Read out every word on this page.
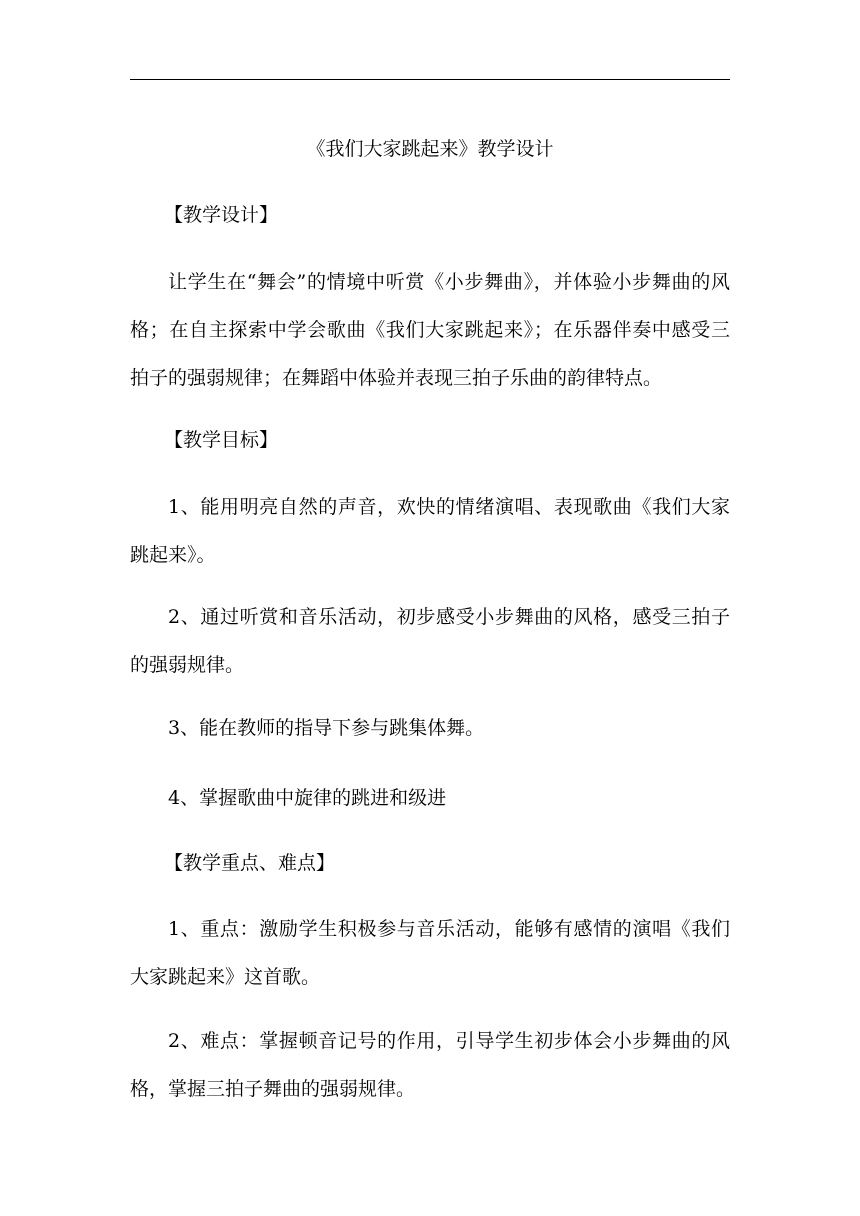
《我们大家跳起来》教学设计
【教学设计】
让学生在“舞会”的情境中听赏《小步舞曲》，并体验小步舞曲的风
格；在自主探索中学会歌曲《我们大家跳起来》；在乐器伴奏中感受三
拍子的强弱规律；在舞蹈中体验并表现三拍子乐曲的韵律特点。
【教学目标】
1、能用明亮自然的声音，欢快的情绪演唱、表现歌曲《我们大家
跳起来》。
2、通过听赏和音乐活动，初步感受小步舞曲的风格，感受三拍子
的强弱规律。
3、能在教师的指导下参与跳集体舞。
4、掌握歌曲中旋律的跳进和级进
【教学重点、难点】
1、重点：激励学生积极参与音乐活动，能够有感情的演唱《我们
大家跳起来》这首歌。
2、难点：掌握顿音记号的作用，引导学生初步体会小步舞曲的风
格，掌握三拍子舞曲的强弱规律。
